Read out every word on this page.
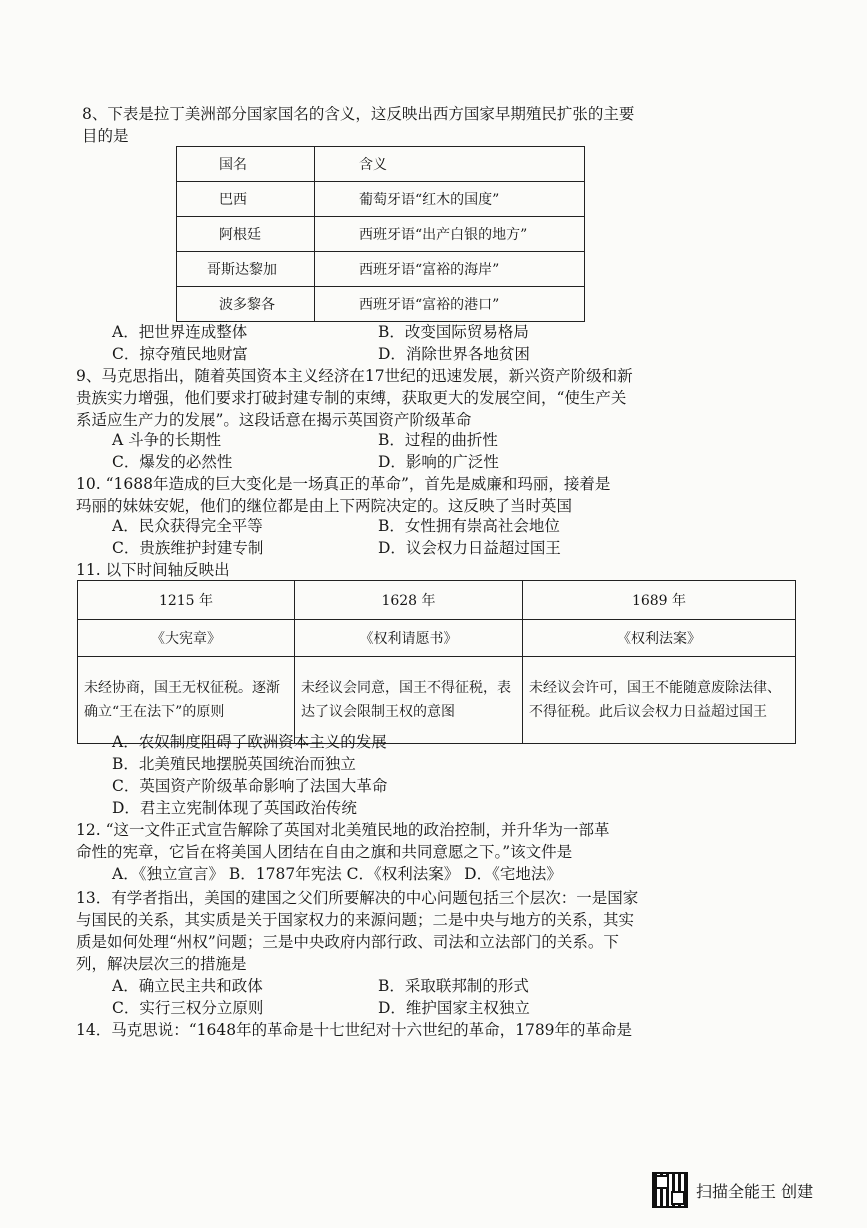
8、下表是拉丁美洲部分国家国名的含义，这反映出西方国家早期殖民扩张的主要
目的是
国名	含义
巴西	葡萄牙语“红木的国度”
阿根廷	西班牙语“出产白银的地方”
哥斯达黎加	西班牙语“富裕的海岸”
波多黎各	西班牙语“富裕的港口”
A．把世界连成整体	B．改变国际贸易格局
C．掠夺殖民地财富	D．消除世界各地贫困
9、马克思指出，随着英国资本主义经济在17世纪的迅速发展，新兴资产阶级和新
贵族实力增强，他们要求打破封建专制的束缚，获取更大的发展空间，“使生产关
系适应生产力的发展”。这段话意在揭示英国资产阶级革命
A 斗争的长期性	B．过程的曲折性
C．爆发的必然性	D．影响的广泛性
10. “1688年造成的巨大变化是一场真正的革命”，首先是威廉和玛丽，接着是
玛丽的妹妹安妮，他们的继位都是由上下两院决定的。这反映了当时英国
A．民众获得完全平等	B．女性拥有崇高社会地位
C．贵族维护封建专制	D．议会权力日益超过国王
11. 以下时间轴反映出
1215 年	1628 年	1689 年
《大宪章》	《权利请愿书》	《权利法案》
未经协商，国王无权征税。逐渐确立“王在法下”的原则	未经议会同意，国王不得征税，表达了议会限制王权的意图	未经议会许可，国王不能随意废除法律、不得征税。此后议会权力日益超过国王
A．农奴制度阻碍了欧洲资本主义的发展
B．北美殖民地摆脱英国统治而独立
C．英国资产阶级革命影响了法国大革命
D．君主立宪制体现了英国政治传统
12. “这一文件正式宣告解除了英国对北美殖民地的政治控制，并升华为一部革
命性的宪章，它旨在将美国人团结在自由之旗和共同意愿之下。”该文件是
A．《独立宣言》 B．1787年宪法 C．《权利法案》 D．《宅地法》
13．有学者指出，美国的建国之父们所要解决的中心问题包括三个层次：一是国家
与国民的关系，其实质是关于国家权力的来源问题；二是中央与地方的关系，其实
质是如何处理“州权”问题；三是中央政府内部行政、司法和立法部门的关系。下
列，解决层次三的措施是
A．确立民主共和政体	B．采取联邦制的形式
C．实行三权分立原则	D．维护国家主权独立
14．马克思说：“1648年的革命是十七世纪对十六世纪的革命，1789年的革命是
扫描全能王 创建
